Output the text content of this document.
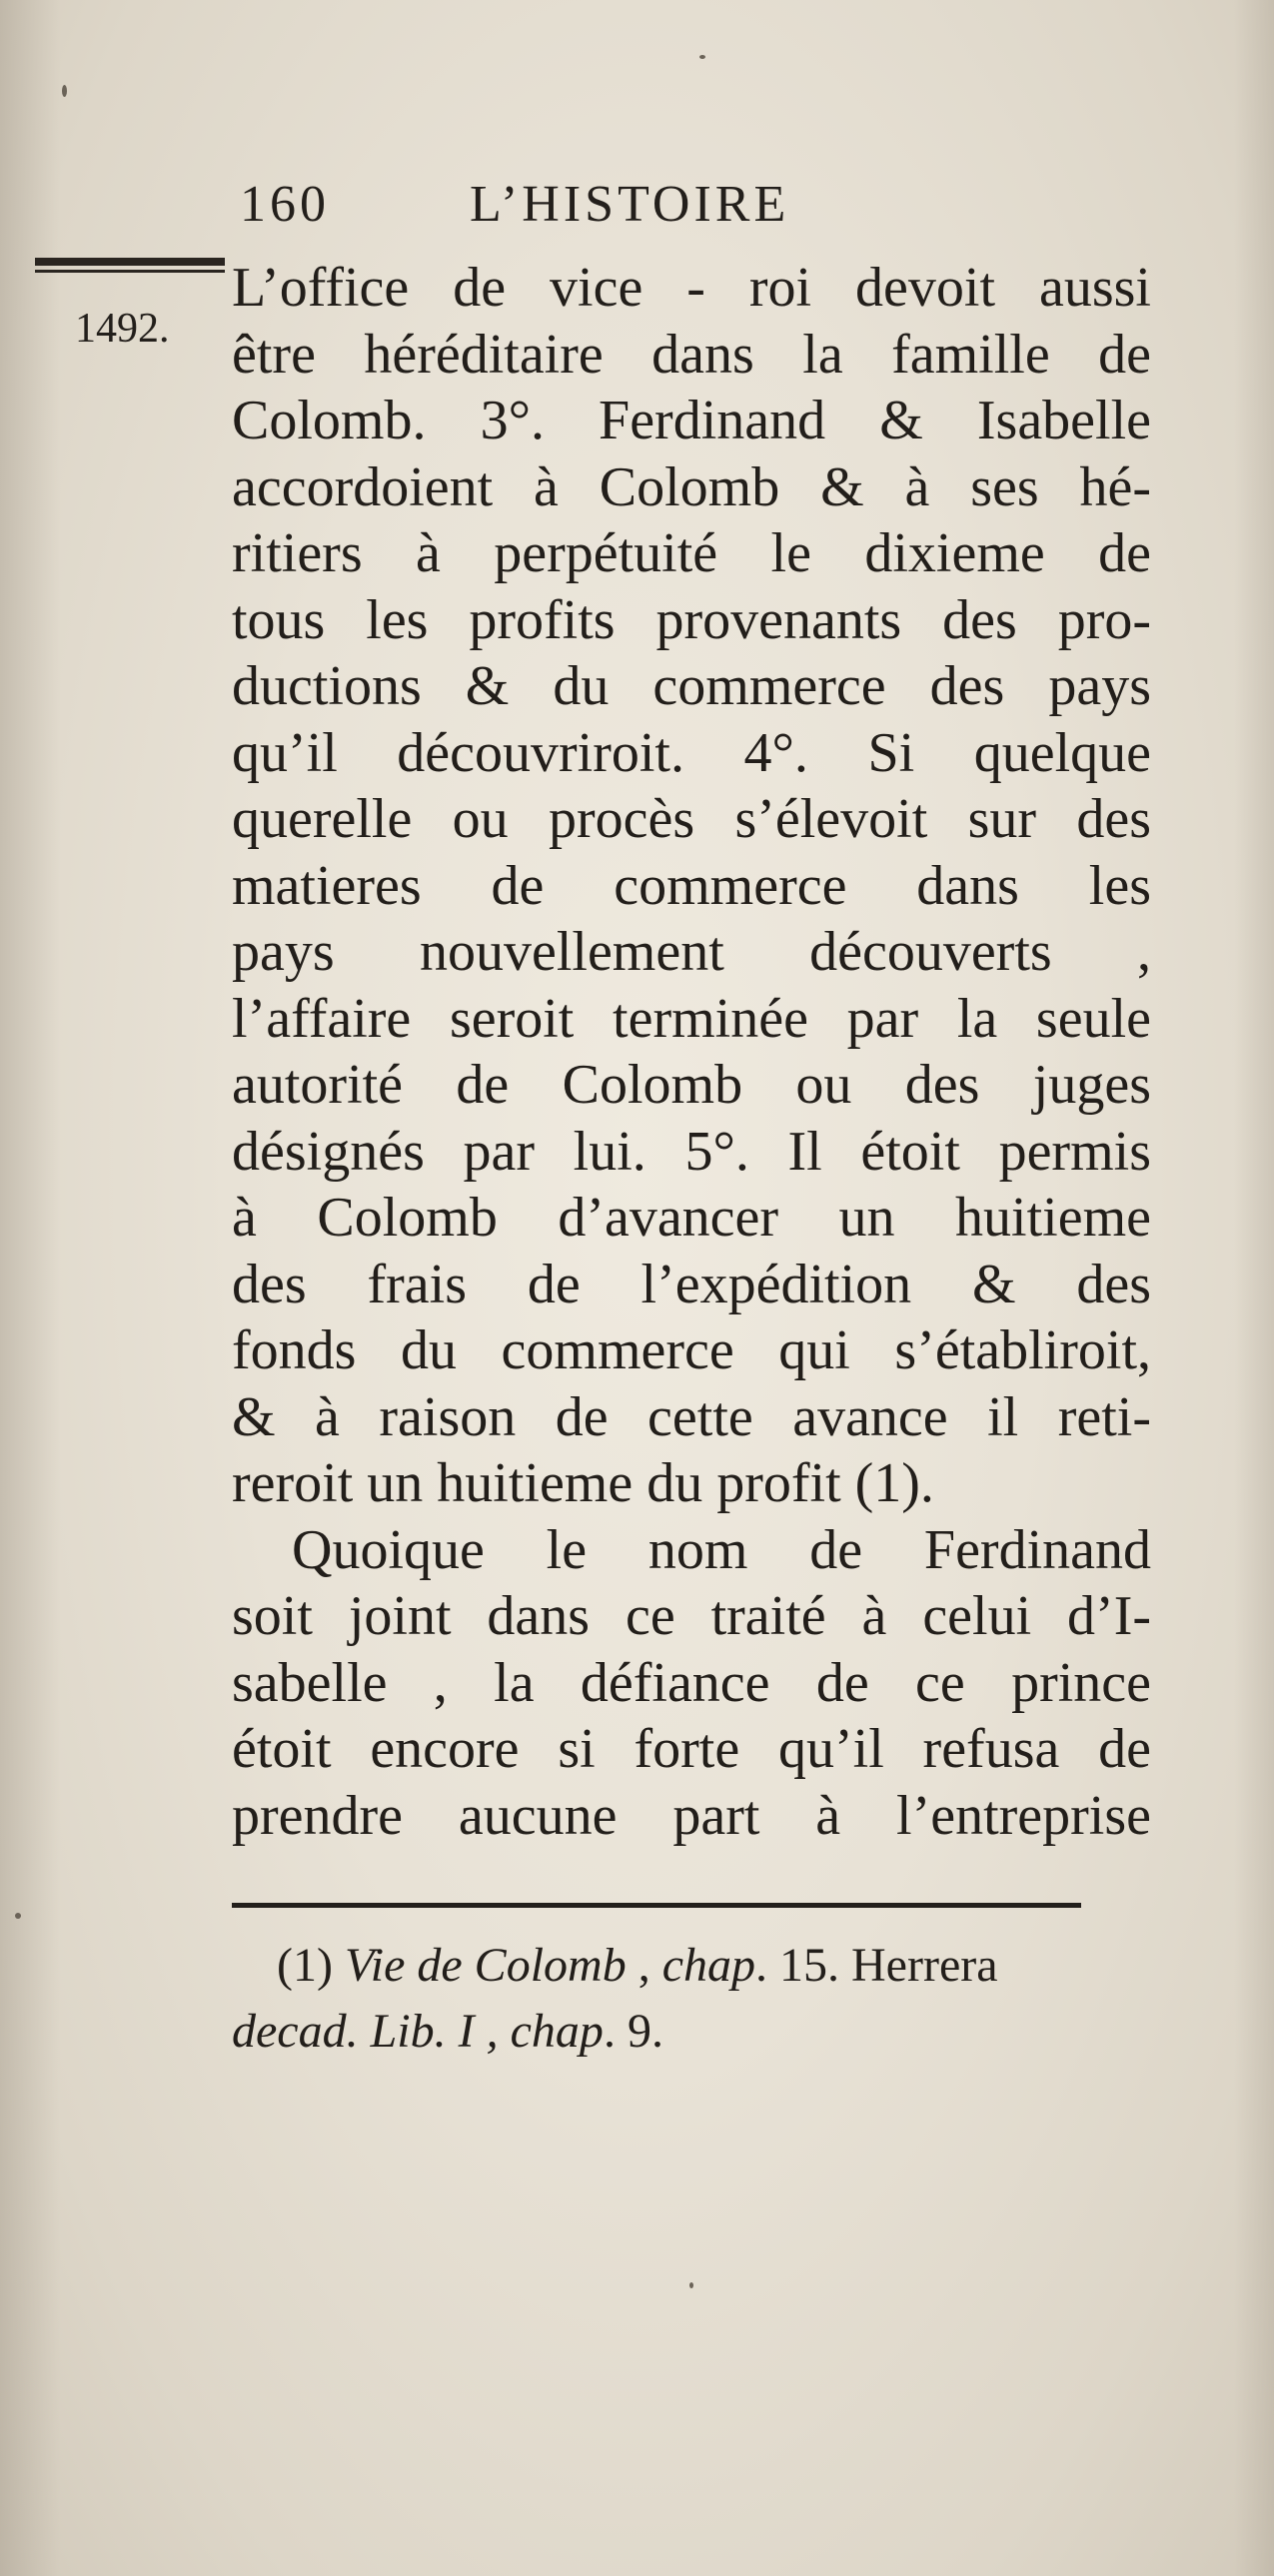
160	L’HISTOIRE
1492.
L’office de vice - roi devoit aussi
être héréditaire dans la famille de
Colomb. 3°. Ferdinand & Isabelle
accordoient à Colomb & à ses hé-
ritiers à perpétuité le dixieme de
tous les profits provenants des pro-
ductions & du commerce des pays
qu’il découvriroit. 4°. Si quelque
querelle ou procès s’élevoit sur des
matieres de commerce dans les
pays nouvellement découverts ,
l’affaire seroit terminée par la seule
autorité de Colomb ou des juges
désignés par lui. 5°. Il étoit permis
à Colomb d’avancer un huitieme
des frais de l’expédition & des
fonds du commerce qui s’établiroit,
& à raison de cette avance il reti-
reroit un huitieme du profit (1).
Quoique le nom de Ferdinand
soit joint dans ce traité à celui d’I-
sabelle , la défiance de ce prince
étoit encore si forte qu’il refusa de
prendre aucune part à l’entreprise
(1) Vie de Colomb , chap. 15. Herrera
decad. Lib. I , chap. 9.
